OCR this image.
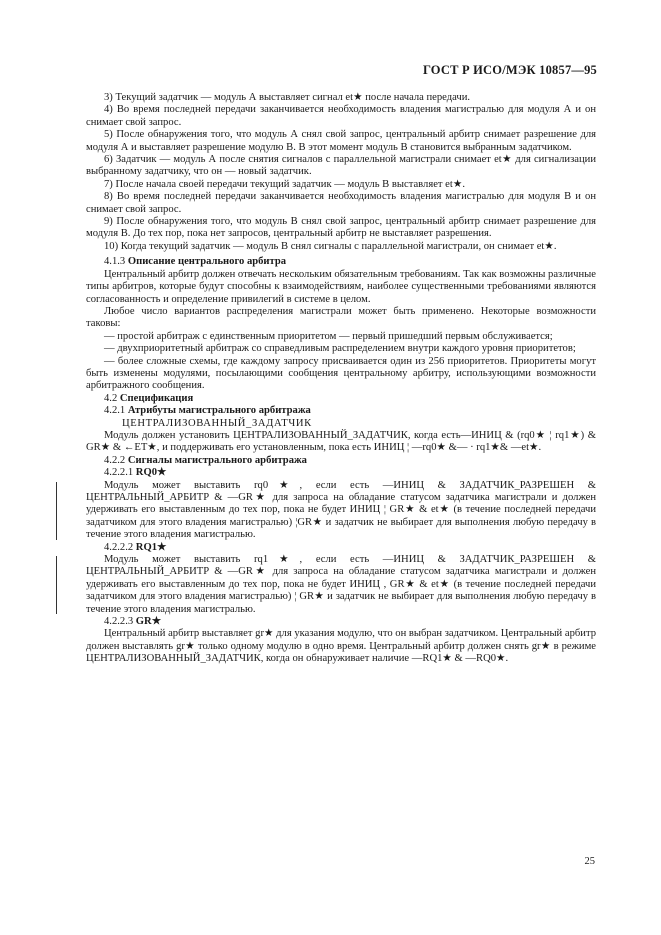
ГОСТ Р ИСО/МЭК 10857—95

3) Текущий задатчик — модуль А выставляет сигнал et★ после начала передачи.

4) Во время последней передачи заканчивается необходимость владения магистралью для модуля А и он снимает свой запрос.

5) После обнаружения того, что модуль А снял свой запрос, центральный арбитр снимает разрешение для модуля А и выставляет разрешение модулю В. В этот момент модуль В становится выбранным задатчиком.

6) Задатчик — модуль А после снятия сигналов с параллельной магистрали снимает et★ для сигнализации выбранному задатчику, что он — новый задатчик.

7) После начала своей передачи текущий задатчик — модуль В выставляет et★.

8) Во время последней передачи заканчивается необходимость владения магистралью для модуля В и он снимает свой запрос.

9) После обнаружения того, что модуль В снял свой запрос, центральный арбитр снимает разрешение для модуля В. До тех пор, пока нет запросов, центральный арбитр не выставляет разрешения.

10) Когда текущий задатчик — модуль В снял сигналы с параллельной магистрали, он снимает et★.

4.1.3 Описание центрального арбитра

Центральный арбитр должен отвечать нескольким обязательным требованиям. Так как возможны различные типы арбитров, которые будут способны к взаимодействиям, наиболее существенными требованиями являются согласованность и определение привилегий в системе в целом.

Любое число вариантов распределения магистрали может быть применено. Некоторые возможности таковы:

— простой арбитраж с единственным приоритетом — первый пришедший первым обслуживается;

— двухприоритетный арбитраж со справедливым распределением внутри каждого уровня приоритетов;

— более сложные схемы, где каждому запросу присваивается один из 256 приоритетов. Приоритеты могут быть изменены модулями, посылающими сообщения центральному арбитру, использующими возможности арбитражного сообщения.

4.2 Спецификация

4.2.1 Атрибуты магистрального арбитража

ЦЕНТРАЛИЗОВАННЫЙ_ЗАДАТЧИК

Модуль должен установить ЦЕНТРАЛИЗОВАННЫЙ_ЗАДАТЧИК, когда есть—ИНИЦ & (rq0★ ¦ rq1★) & GR★ & ←ET★, и поддерживать его установленным, пока есть ИНИЦ ¦ —rq0★ &— · rq1★& —et★.

4.2.2 Сигналы магистрального арбитража

4.2.2.1 RQ0★

Модуль может выставить rq0★, если есть —ИНИЦ & ЗАДАТЧИК_РАЗРЕШЕН & ЦЕНТРАЛЬНЫЙ_АРБИТР & —GR★ для запроса на обладание статусом задатчика магистрали и должен удерживать его выставленным до тех пор, пока не будет ИНИЦ ¦ GR★ & et★ (в течение последней передачи задатчиком для этого владения магистралью) ¦GR★ и задатчик не выбирает для выполнения любую передачу в течение этого владения магистралью.

4.2.2.2 RQ1★

Модуль может выставить rq1★, если есть —ИНИЦ & ЗАДАТЧИК_РАЗРЕШЕН & ЦЕНТРАЛЬНЫЙ_АРБИТР & —GR★ для запроса на обладание статусом задатчика магистрали и должен удерживать его выставленным до тех пор, пока не будет ИНИЦ , GR★ & et★ (в течение последней передачи задатчиком для этого владения магистралью) ¦ GR★ и задатчик не выбирает для выполнения любую передачу в течение этого владения магистралью.

4.2.2.3 GR★

Центральный арбитр выставляет gr★ для указания модулю, что он выбран задатчиком. Центральный арбитр должен выставлять gr★ только одному модулю в одно время. Центральный арбитр должен снять gr★ в режиме ЦЕНТРАЛИЗОВАННЫЙ_ЗАДАТЧИК, когда он обнаруживает наличие —RQ1★ & —RQ0★.

25
